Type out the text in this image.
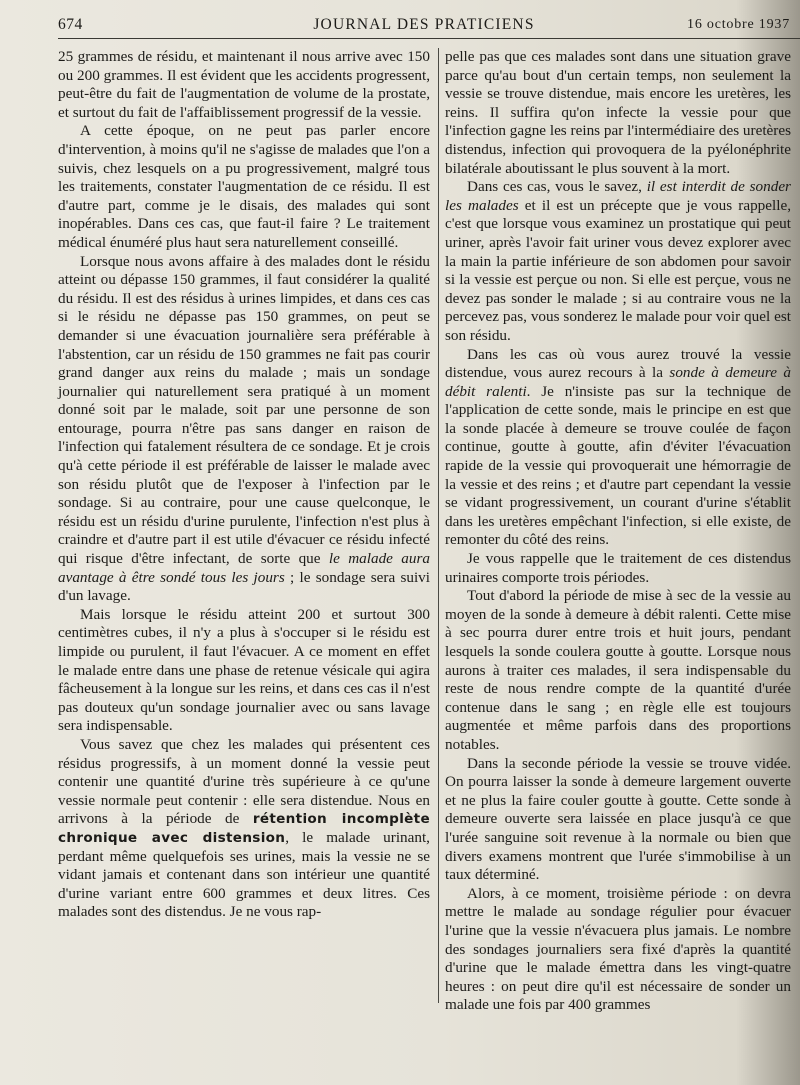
674	JOURNAL DES PRATICIENS	16 octobre 1937

25 grammes de résidu, et maintenant il nous arrive avec 150 ou 200 grammes. Il est évident que les accidents progressent, peut-être du fait de l'augmentation de volume de la prostate, et surtout du fait de l'affaiblissement progressif de la vessie.

A cette époque, on ne peut pas parler encore d'intervention, à moins qu'il ne s'agisse de malades que l'on a suivis, chez lesquels on a pu progressivement, malgré tous les traitements, constater l'augmentation de ce résidu. Il est d'autre part, comme je le disais, des malades qui sont inopérables. Dans ces cas, que faut-il faire ? Le traitement médical énuméré plus haut sera naturellement conseillé.

Lorsque nous avons affaire à des malades dont le résidu atteint ou dépasse 150 grammes, il faut considérer la qualité du résidu. Il est des résidus à urines limpides, et dans ces cas si le résidu ne dépasse pas 150 grammes, on peut se demander si une évacuation journalière sera préférable à l'abstention, car un résidu de 150 grammes ne fait pas courir grand danger aux reins du malade ; mais un sondage journalier qui naturellement sera pratiqué à un moment donné soit par le malade, soit par une personne de son entourage, pourra n'être pas sans danger en raison de l'infection qui fatalement résultera de ce sondage. Et je crois qu'à cette période il est préférable de laisser le malade avec son résidu plutôt que de l'exposer à l'infection par le sondage. Si au contraire, pour une cause quelconque, le résidu est un résidu d'urine purulente, l'infection n'est plus à craindre et d'autre part il est utile d'évacuer ce résidu infecté qui risque d'être infectant, de sorte que le malade aura avantage à être sondé tous les jours ; le sondage sera suivi d'un lavage.

Mais lorsque le résidu atteint 200 et surtout 300 centimètres cubes, il n'y a plus à s'occuper si le résidu est limpide ou purulent, il faut l'évacuer. A ce moment en effet le malade entre dans une phase de retenue vésicale qui agira fâcheusement à la longue sur les reins, et dans ces cas il n'est pas douteux qu'un sondage journalier avec ou sans lavage sera indispensable.

Vous savez que chez les malades qui présentent ces résidus progressifs, à un moment donné la vessie peut contenir une quantité d'urine très supérieure à ce qu'une vessie normale peut contenir : elle sera distendue. Nous en arrivons à la période de rétention incomplète chronique avec distension, le malade urinant, perdant même quelquefois ses urines, mais la vessie ne se vidant jamais et contenant dans son intérieur une quantité d'urine variant entre 600 grammes et deux litres. Ces malades sont des distendus. Je ne vous rap-

pelle pas que ces malades sont dans une situation grave parce qu'au bout d'un certain temps, non seulement la vessie se trouve distendue, mais encore les uretères, les reins. Il suffira qu'on infecte la vessie pour que l'infection gagne les reins par l'intermédiaire des uretères distendus, infection qui provoquera de la pyélonéphrite bilatérale aboutissant le plus souvent à la mort.

Dans ces cas, vous le savez, il est interdit de sonder les malades et il est un précepte que je vous rappelle, c'est que lorsque vous examinez un prostatique qui peut uriner, après l'avoir fait uriner vous devez explorer avec la main la partie inférieure de son abdomen pour savoir si la vessie est perçue ou non. Si elle est perçue, vous ne devez pas sonder le malade ; si au contraire vous ne la percevez pas, vous sonderez le malade pour voir quel est son résidu.

Dans les cas où vous aurez trouvé la vessie distendue, vous aurez recours à la sonde à demeure à débit ralenti. Je n'insiste pas sur la technique de l'application de cette sonde, mais le principe en est que la sonde placée à demeure se trouve coulée de façon continue, goutte à goutte, afin d'éviter l'évacuation rapide de la vessie qui provoquerait une hémorragie de la vessie et des reins ; et d'autre part cependant la vessie se vidant progressivement, un courant d'urine s'établit dans les uretères empêchant l'infection, si elle existe, de remonter du côté des reins.

Je vous rappelle que le traitement de ces distendus urinaires comporte trois périodes.

Tout d'abord la période de mise à sec de la vessie au moyen de la sonde à demeure à débit ralenti. Cette mise à sec pourra durer entre trois et huit jours, pendant lesquels la sonde coulera goutte à goutte. Lorsque nous aurons à traiter ces malades, il sera indispensable du reste de nous rendre compte de la quantité d'urée contenue dans le sang ; en règle elle est toujours augmentée et même parfois dans des proportions notables.

Dans la seconde période la vessie se trouve vidée. On pourra laisser la sonde à demeure largement ouverte et ne plus la faire couler goutte à goutte. Cette sonde à demeure ouverte sera laissée en place jusqu'à ce que l'urée sanguine soit revenue à la normale ou bien que divers examens montrent que l'urée s'immobilise à un taux déterminé.

Alors, à ce moment, troisième période : on devra mettre le malade au sondage régulier pour évacuer l'urine que la vessie n'évacuera plus jamais. Le nombre des sondages journaliers sera fixé d'après la quantité d'urine que le malade émettra dans les vingt-quatre heures : on peut dire qu'il est nécessaire de sonder un malade une fois par 400 grammes
